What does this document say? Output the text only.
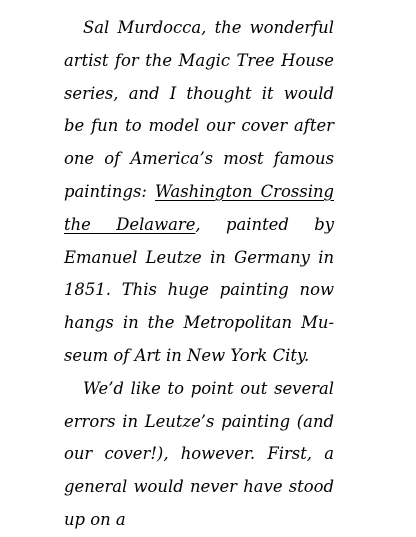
Sal Murdocca, the wonderful artist for the Magic Tree House series, and I thought it would be fun to model our cover after one of America’s most famous paintings: Washington Crossing the Delaware, painted by Emanuel Leutze in Germany in 1851. This huge painting now hangs in the Metropolitan Museum of Art in New York City.

We’d like to point out several errors in Leutze’s painting (and our cover!), however. First, a general would never have stood up on a
